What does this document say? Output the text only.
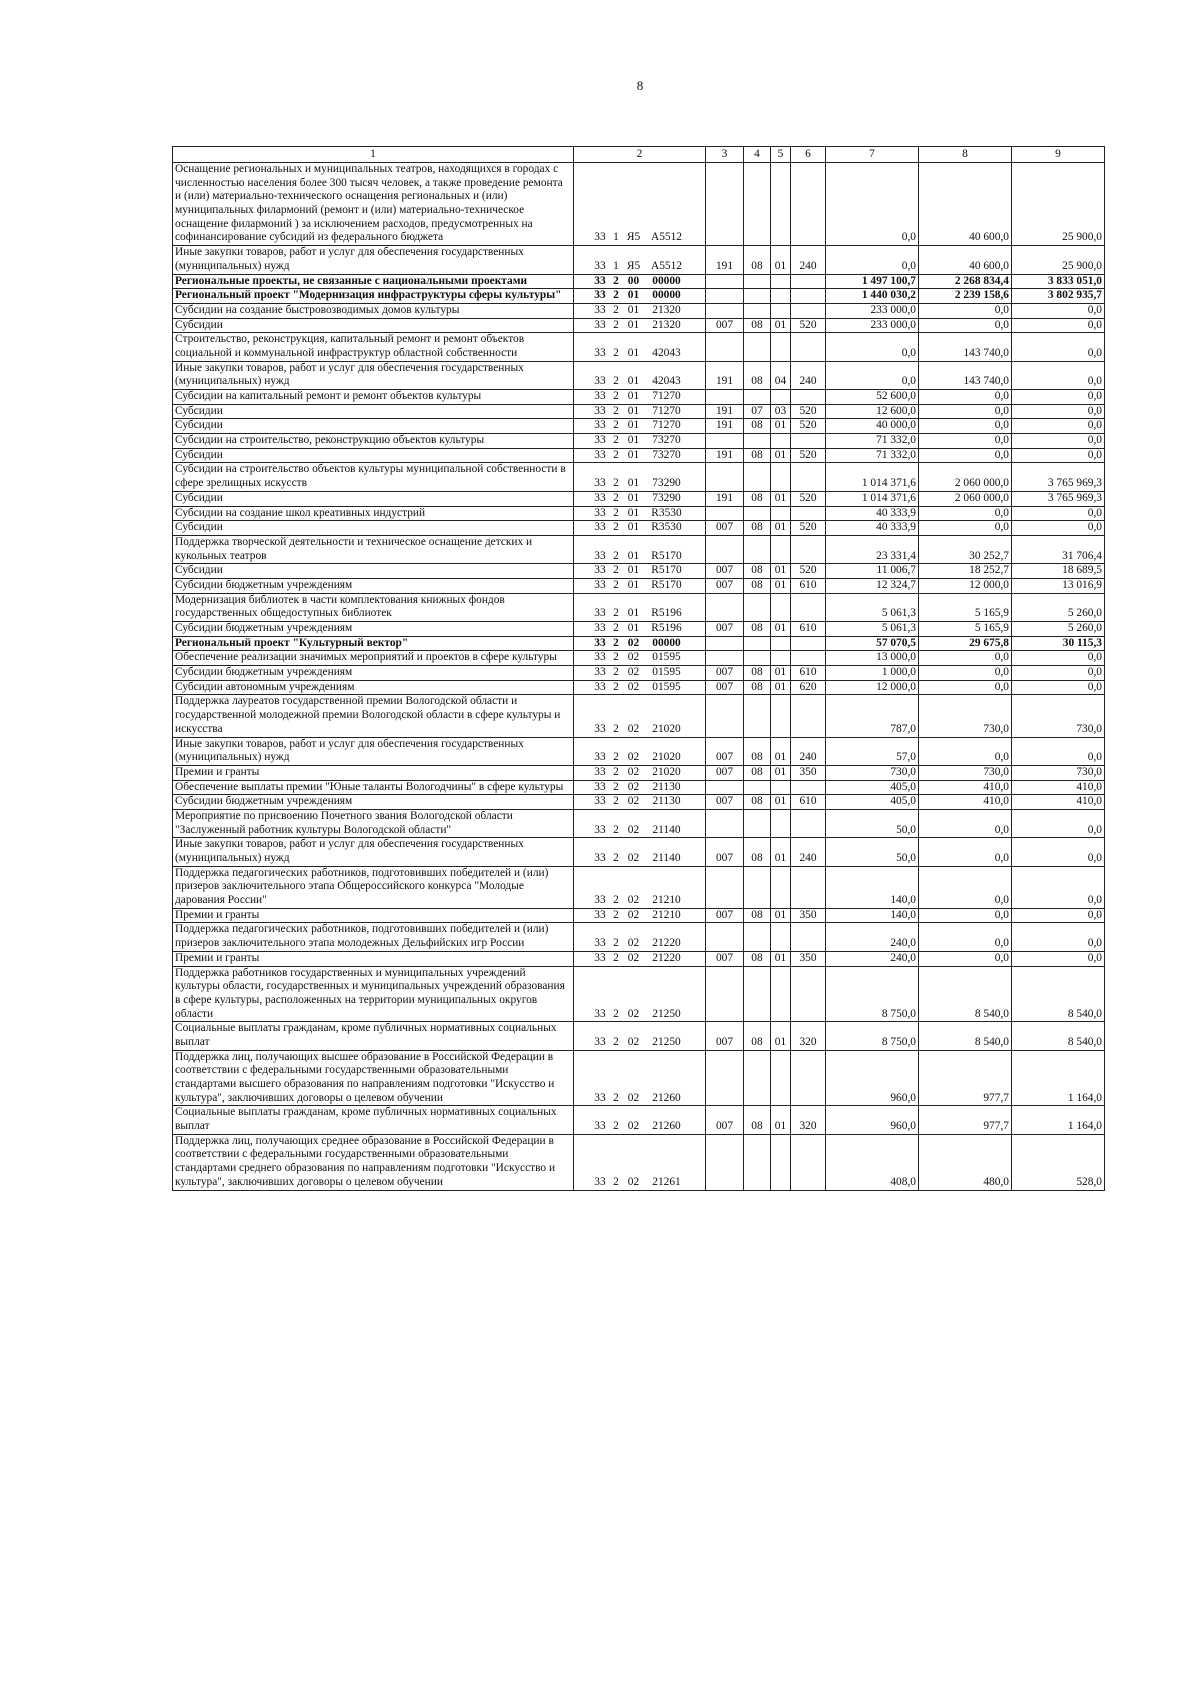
8
1	2	3	4	5	6	7	8	9
Оснащение региональных и муниципальных театров, находящихся в городах с численностью населения более 300 тысяч человек, а также проведение ремонта и (или) материально-технического оснащения региональных и (или) муниципальных филармоний (ремонт и (или) материально-техническое оснащение филармоний ) за исключением расходов, предусмотренных на софинансирование субсидий из федерального бюджета	33 1 Я5 А5512					0,0	40 600,0	25 900,0
Иные закупки товаров, работ и услуг для обеспечения государственных (муниципальных) нужд	33 1 Я5 А5512	191	08	01	240	0,0	40 600,0	25 900,0
Региональные проекты, не связанные с национальными проектами	33 2 00 00000					1 497 100,7	2 268 834,4	3 833 051,0
Региональный проект "Модернизация инфраструктуры сферы культуры"	33 2 01 00000					1 440 030,2	2 239 158,6	3 802 935,7
Субсидии на создание быстровозводимых домов культуры	33 2 01 21320					233 000,0	0,0	0,0
Субсидии	33 2 01 21320	007	08	01	520	233 000,0	0,0	0,0
Строительство, реконструкция, капитальный ремонт и ремонт объектов социальной и коммунальной инфраструктур областной собственности	33 2 01 42043					0,0	143 740,0	0,0
Иные закупки товаров, работ и услуг для обеспечения государственных (муниципальных) нужд	33 2 01 42043	191	08	04	240	0,0	143 740,0	0,0
Субсидии на капитальный ремонт и ремонт объектов культуры	33 2 01 71270					52 600,0	0,0	0,0
Субсидии	33 2 01 71270	191	07	03	520	12 600,0	0,0	0,0
Субсидии	33 2 01 71270	191	08	01	520	40 000,0	0,0	0,0
Субсидии на строительство, реконструкцию объектов культуры	33 2 01 73270					71 332,0	0,0	0,0
Субсидии	33 2 01 73270	191	08	01	520	71 332,0	0,0	0,0
Субсидии на строительство объектов культуры муниципальной собственности в сфере зрелищных искусств	33 2 01 73290					1 014 371,6	2 060 000,0	3 765 969,3
Субсидии	33 2 01 73290	191	08	01	520	1 014 371,6	2 060 000,0	3 765 969,3
Субсидии на создание школ креативных индустрий	33 2 01 R3530					40 333,9	0,0	0,0
Субсидии	33 2 01 R3530	007	08	01	520	40 333,9	0,0	0,0
Поддержка творческой деятельности и техническое оснащение детских и кукольных театров	33 2 01 R5170					23 331,4	30 252,7	31 706,4
Субсидии	33 2 01 R5170	007	08	01	520	11 006,7	18 252,7	18 689,5
Субсидии бюджетным учреждениям	33 2 01 R5170	007	08	01	610	12 324,7	12 000,0	13 016,9
Модернизация библиотек в части комплектования книжных фондов государственных общедоступных библиотек	33 2 01 R5196					5 061,3	5 165,9	5 260,0
Субсидии бюджетным учреждениям	33 2 01 R5196	007	08	01	610	5 061,3	5 165,9	5 260,0
Региональный проект "Культурный вектор"	33 2 02 00000					57 070,5	29 675,8	30 115,3
Обеспечение реализации значимых мероприятий и проектов в сфере культуры	33 2 02 01595					13 000,0	0,0	0,0
Субсидии бюджетным учреждениям	33 2 02 01595	007	08	01	610	1 000,0	0,0	0,0
Субсидии автономным учреждениям	33 2 02 01595	007	08	01	620	12 000,0	0,0	0,0
Поддержка лауреатов государственной премии Вологодской области и государственной молодежной премии Вологодской области в сфере культуры и искусства	33 2 02 21020					787,0	730,0	730,0
Иные закупки товаров, работ и услуг для обеспечения государственных (муниципальных) нужд	33 2 02 21020	007	08	01	240	57,0	0,0	0,0
Премии и гранты	33 2 02 21020	007	08	01	350	730,0	730,0	730,0
Обеспечение выплаты премии "Юные таланты Вологодчины" в сфере культуры	33 2 02 21130					405,0	410,0	410,0
Субсидии бюджетным учреждениям	33 2 02 21130	007	08	01	610	405,0	410,0	410,0
Мероприятие по присвоению Почетного звания Вологодской области "Заслуженный работник культуры Вологодской области"	33 2 02 21140					50,0	0,0	0,0
Иные закупки товаров, работ и услуг для обеспечения государственных (муниципальных) нужд	33 2 02 21140	007	08	01	240	50,0	0,0	0,0
Поддержка педагогических работников, подготовивших победителей и (или) призеров заключительного этапа Общероссийского конкурса "Молодые дарования России"	33 2 02 21210					140,0	0,0	0,0
Премии и гранты	33 2 02 21210	007	08	01	350	140,0	0,0	0,0
Поддержка педагогических работников, подготовивших победителей и (или) призеров заключительного этапа молодежных Дельфийских игр России	33 2 02 21220					240,0	0,0	0,0
Премии и гранты	33 2 02 21220	007	08	01	350	240,0	0,0	0,0
Поддержка работников государственных и муниципальных учреждений культуры области, государственных и муниципальных учреждений образования в сфере культуры, расположенных на территории муниципальных округов области	33 2 02 21250					8 750,0	8 540,0	8 540,0
Социальные выплаты гражданам, кроме публичных нормативных социальных выплат	33 2 02 21250	007	08	01	320	8 750,0	8 540,0	8 540,0
Поддержка лиц, получающих высшее образование в Российской Федерации в соответствии с федеральными государственными образовательными стандартами высшего образования по направлениям подготовки "Искусство и культура", заключивших договоры о целевом обучении	33 2 02 21260					960,0	977,7	1 164,0
Социальные выплаты гражданам, кроме публичных нормативных социальных выплат	33 2 02 21260	007	08	01	320	960,0	977,7	1 164,0
Поддержка лиц, получающих среднее образование в Российской Федерации в соответствии с федеральными государственными образовательными стандартами среднего образования по направлениям подготовки "Искусство и культура", заключивших договоры о целевом обучении	33 2 02 21261					408,0	480,0	528,0
